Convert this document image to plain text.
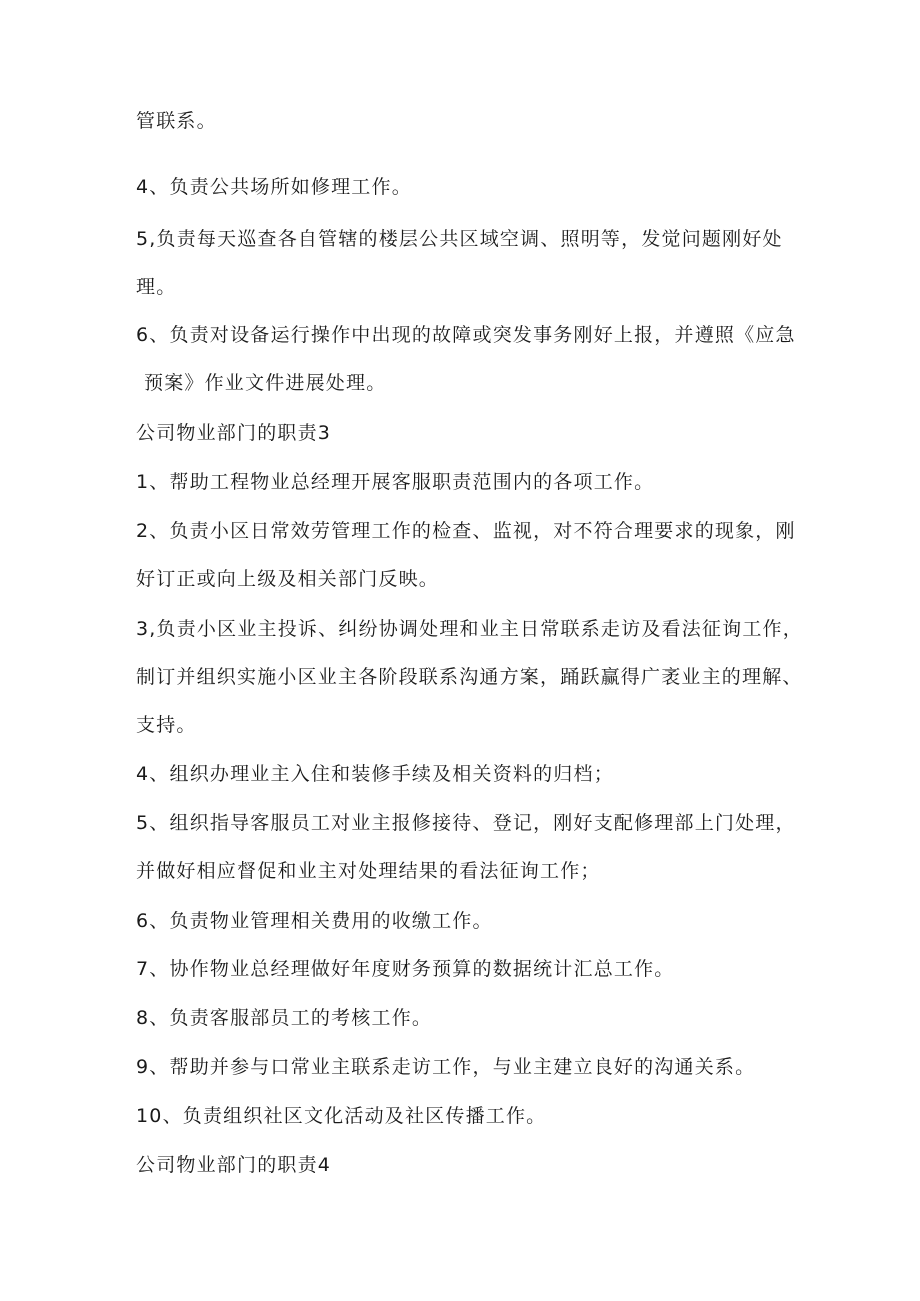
管联系。
4、负责公共场所如修理工作。
5,负责每天巡查各自管辖的楼层公共区域空调、照明等，发觉问题刚好处
理。
6、负责对设备运行操作中出现的故障或突发事务刚好上报，并遵照《应急
预案》作业文件进展处理。
公司物业部门的职责3
1、帮助工程物业总经理开展客服职责范围内的各项工作。
2、负责小区日常效劳管理工作的检查、监视，对不符合理要求的现象，刚
好订正或向上级及相关部门反映。
3,负责小区业主投诉、纠纷协调处理和业主日常联系走访及看法征询工作，
制订并组织实施小区业主各阶段联系沟通方案，踊跃赢得广袤业主的理解、
支持。
4、组织办理业主入住和装修手续及相关资料的归档；
5、组织指导客服员工对业主报修接待、登记，刚好支配修理部上门处理，
并做好相应督促和业主对处理结果的看法征询工作；
6、负责物业管理相关费用的收缴工作。
7、协作物业总经理做好年度财务预算的数据统计汇总工作。
8、负责客服部员工的考核工作。
9、帮助并参与口常业主联系走访工作，与业主建立良好的沟通关系。
10、负责组织社区文化活动及社区传播工作。
公司物业部门的职责4
